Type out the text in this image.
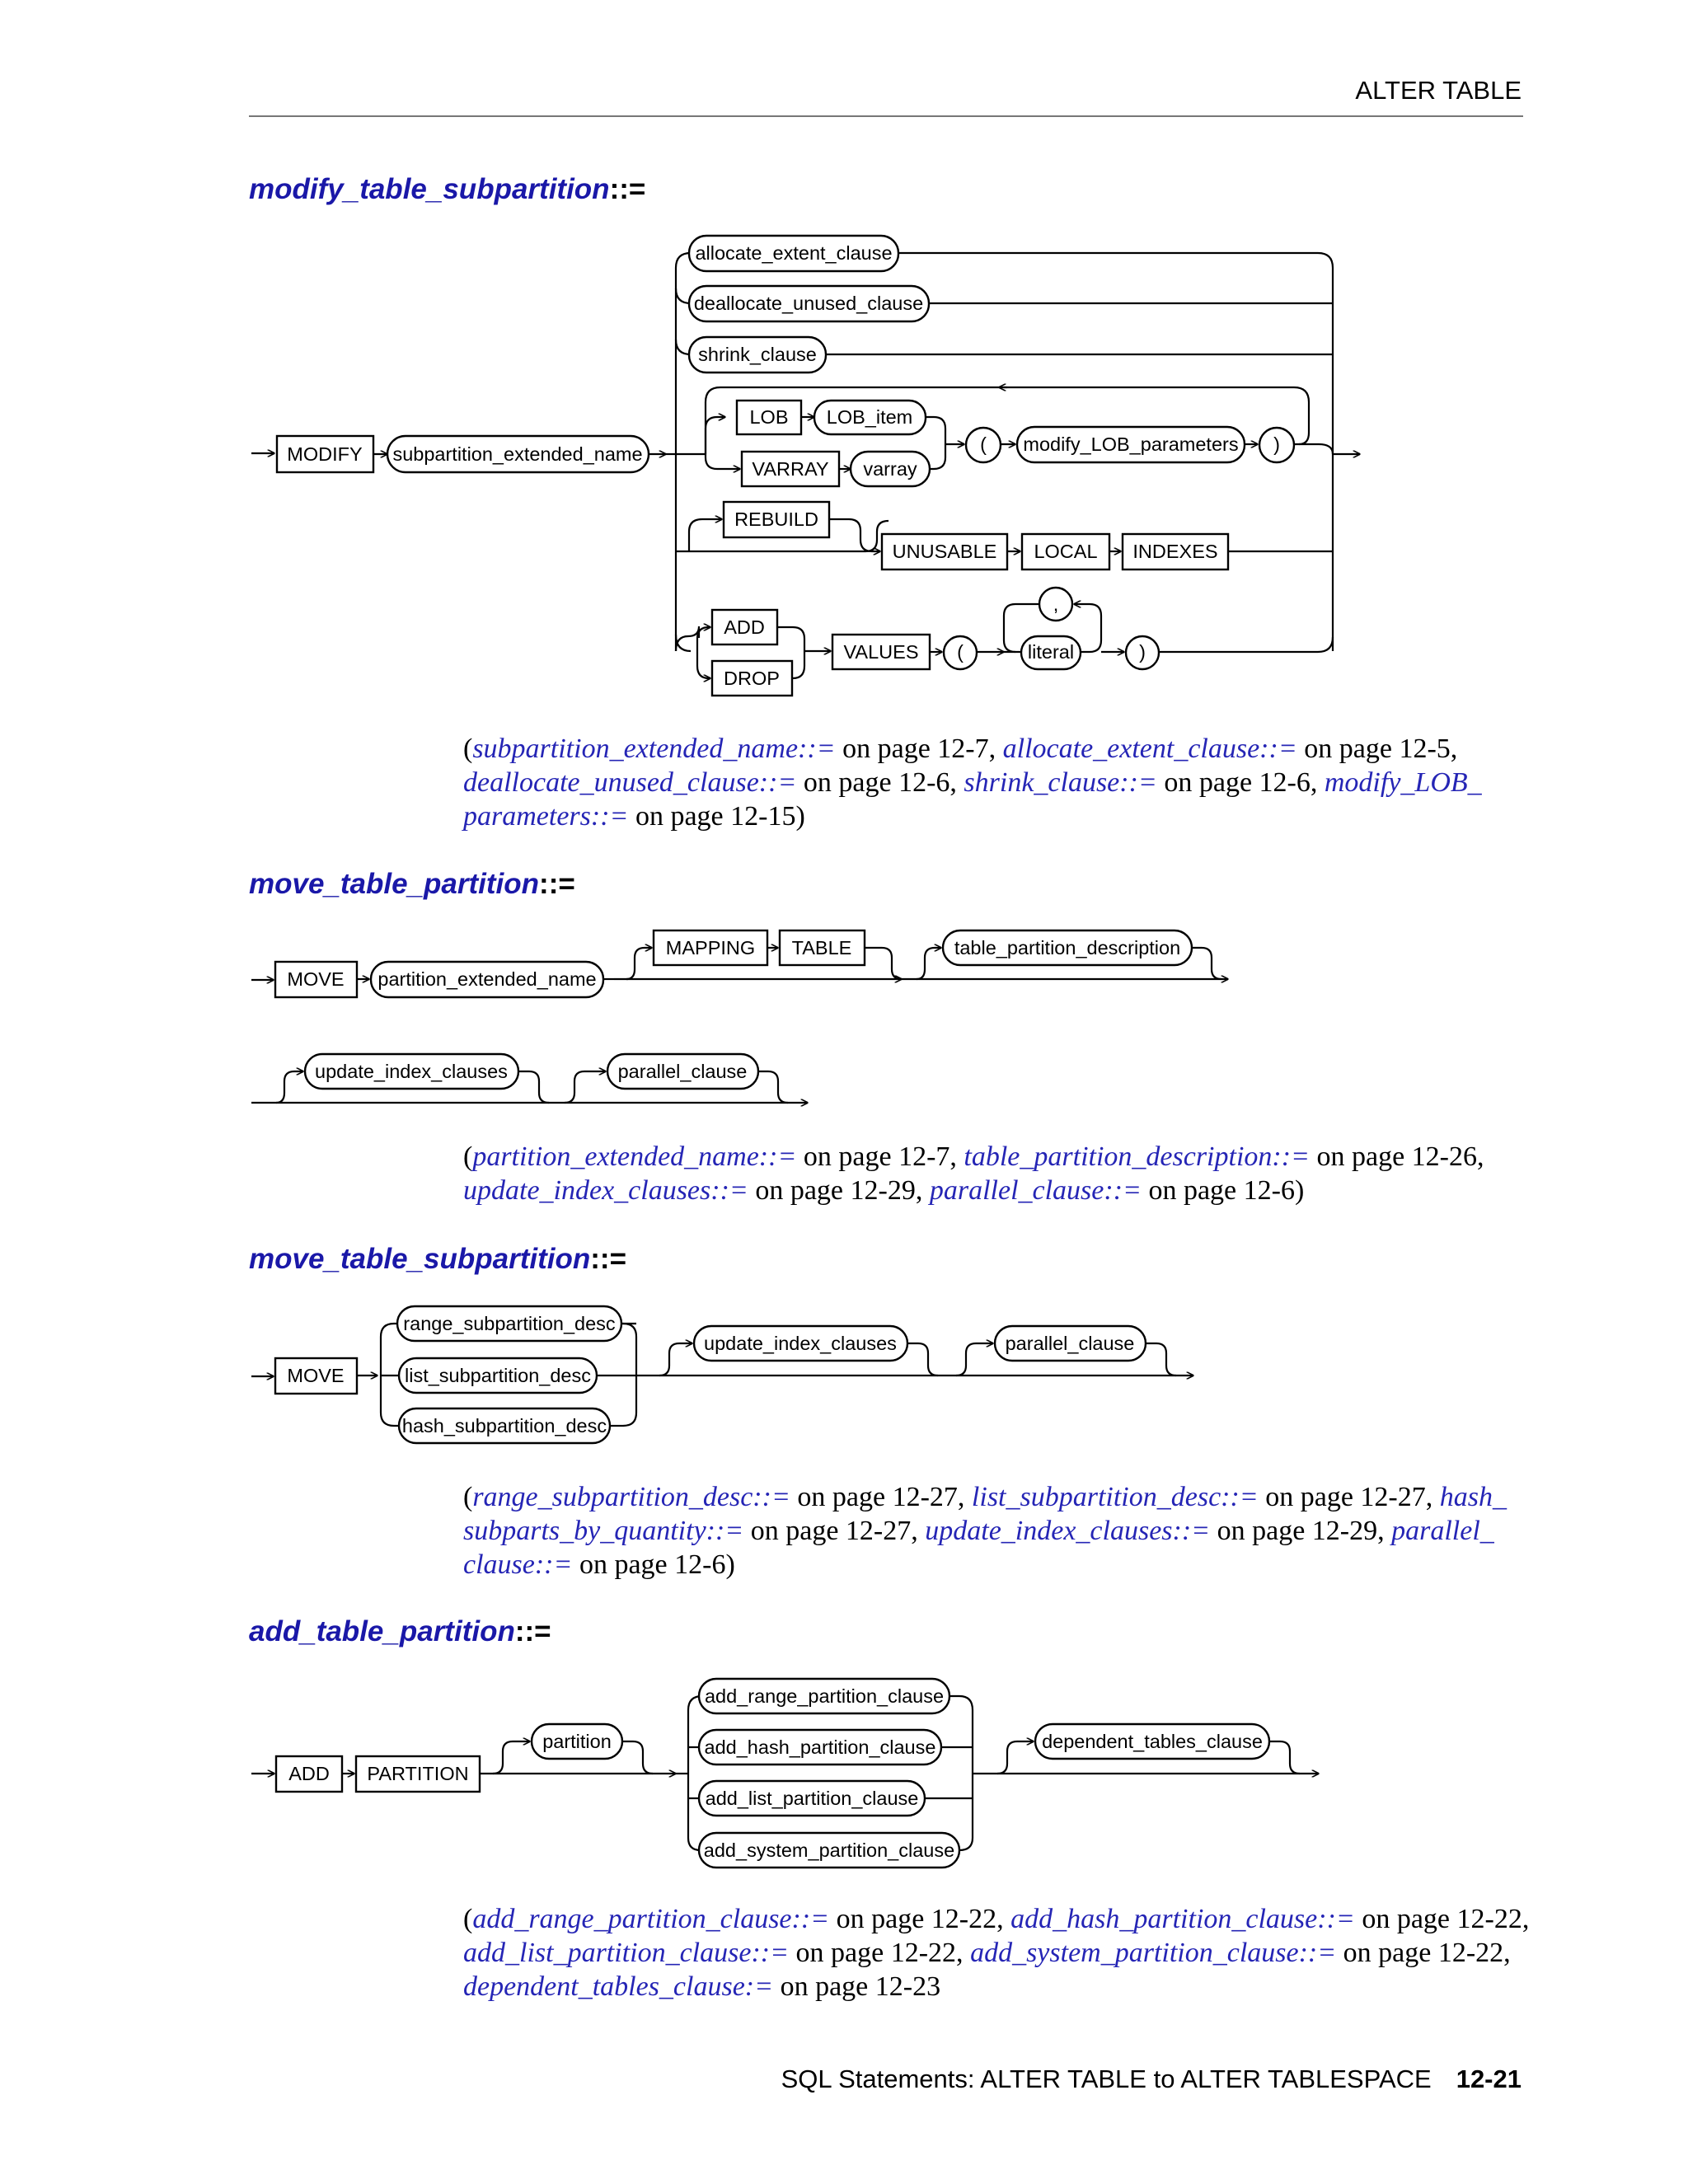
ALTER TABLE
modify_table_subpartition::=
move_table_partition::=
move_table_subpartition::=
add_table_partition::=
(subpartition_extended_name::= on page 12-7, allocate_extent_clause::= on page 12-5, deallocate_unused_clause::= on page 12-6, shrink_clause::= on page 12-6, modify_LOB_ parameters::= on page 12-15)
(partition_extended_name::= on page 12-7, table_partition_description::= on page 12-26, update_index_clauses::= on page 12-29, parallel_clause::= on page 12-6)
(range_subpartition_desc::= on page 12-27, list_subpartition_desc::= on page 12-27, hash_ subparts_by_quantity::= on page 12-27, update_index_clauses::= on page 12-29, parallel_ clause::= on page 12-6)
(add_range_partition_clause::= on page 12-22, add_hash_partition_clause::= on page 12-22, add_list_partition_clause::= on page 12-22, add_system_partition_clause::= on page 12-22, dependent_tables_clause:= on page 12-23
SQL Statements: ALTER TABLE to ALTER TABLESPACE 12-21
MODIFY subpartition_extended_name
allocate_extent_clause
deallocate_unused_clause
shrink_clause
LOB LOB_item
VARRAY varray
( modify_LOB_parameters )
REBUILD
UNUSABLE LOCAL INDEXES
ADD
DROP
VALUES (	literal
,
)
MOVE partition_extended_name
MAPPING TABLE	table_partition_description
update_index_clauses	parallel_clause
MOVE
range_subpartition_desc
list_subpartition_desc
hash_subpartition_desc
update_index_clauses	parallel_clause
ADD PARTITION
partition
add_range_partition_clause
add_hash_partition_clause
add_list_partition_clause
add_system_partition_clause
dependent_tables_clause
